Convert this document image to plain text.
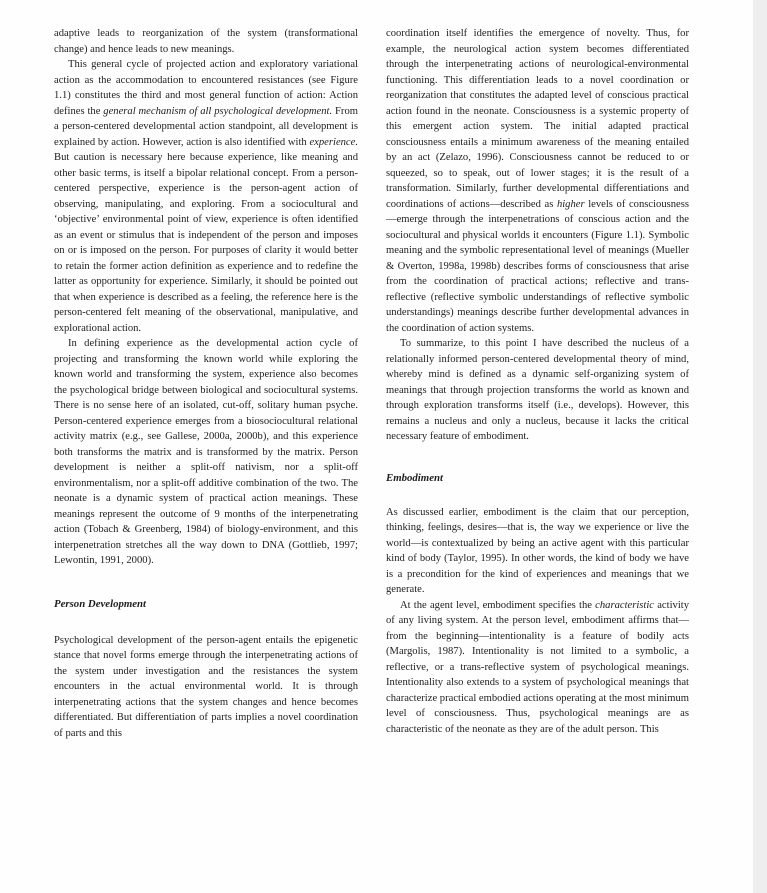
adaptive leads to reorganization of the system (transformational change) and hence leads to new meanings.

This general cycle of projected action and exploratory variational action as the accommodation to encountered resistances (see Figure 1.1) constitutes the third and most general function of action: Action defines the general mechanism of all psychological development. From a person-centered developmental action standpoint, all development is explained by action. However, action is also identified with experience. But caution is necessary here because experience, like meaning and other basic terms, is itself a bipolar relational concept. From a person-centered perspective, experience is the person-agent action of observing, manipulating, and exploring. From a sociocultural and ‘objective’ environmental point of view, experience is often identified as an event or stimulus that is independent of the person and imposes on or is imposed on the person. For purposes of clarity it would better to retain the former action definition as experience and to redefine the latter as opportunity for experience. Similarly, it should be pointed out that when experience is described as a feeling, the reference here is the person-centered felt meaning of the observational, manipulative, and explorational action.

In defining experience as the developmental action cycle of projecting and transforming the known world while exploring the known world and transforming the system, experience also becomes the psychological bridge between biological and sociocultural systems. There is no sense here of an isolated, cut-off, solitary human psyche. Person-centered experience emerges from a biosociocultural relational activity matrix (e.g., see Gallese, 2000a, 2000b), and this experience both transforms the matrix and is transformed by the matrix. Person development is neither a split-off nativism, nor a split-off environmentalism, nor a split-off additive combination of the two. The neonate is a dynamic system of practical action meanings. These meanings represent the outcome of 9 months of the interpenetrating action (Tobach & Greenberg, 1984) of biology-environment, and this interpenetration stretches all the way down to DNA (Gottlieb, 1997; Lewontin, 1991, 2000).

Person Development

Psychological development of the person-agent entails the epigenetic stance that novel forms emerge through the interpenetrating actions of the system under investigation and the resistances the system encounters in the actual environmental world. It is through interpenetrating actions that the system changes and hence becomes differentiated. But differentiation of parts implies a novel coordination of parts and this

coordination itself identifies the emergence of novelty. Thus, for example, the neurological action system becomes differentiated through the interpenetrating actions of neurological-environmental functioning. This differentiation leads to a novel coordination or reorganization that constitutes the adapted level of conscious practical action found in the neonate. Consciousness is a systemic property of this emergent action system. The initial adapted practical consciousness entails a minimum awareness of the meaning entailed by an act (Zelazo, 1996). Consciousness cannot be reduced to or squeezed, so to speak, out of lower stages; it is the result of a transformation. Similarly, further developmental differentiations and coordinations of actions—described as higher levels of consciousness—emerge through the interpenetrations of conscious action and the sociocultural and physical worlds it encounters (Figure 1.1). Symbolic meaning and the symbolic representational level of meanings (Mueller & Overton, 1998a, 1998b) describes forms of consciousness that arise from the coordination of practical actions; reflective and trans-reflective (reflective symbolic understandings of reflective symbolic understandings) meanings describe further developmental advances in the coordination of action systems.

To summarize, to this point I have described the nucleus of a relationally informed person-centered developmental theory of mind, whereby mind is defined as a dynamic self-organizing system of meanings that through projection transforms the world as known and through exploration transforms itself (i.e., develops). However, this remains a nucleus and only a nucleus, because it lacks the critical necessary feature of embodiment.

Embodiment

As discussed earlier, embodiment is the claim that our perception, thinking, feelings, desires—that is, the way we experience or live the world—is contextualized by being an active agent with this particular kind of body (Taylor, 1995). In other words, the kind of body we have is a precondition for the kind of experiences and meanings that we generate.

At the agent level, embodiment specifies the characteristic activity of any living system. At the person level, embodiment affirms that—from the beginning—intentionality is a feature of bodily acts (Margolis, 1987). Intentionality is not limited to a symbolic, a reflective, or a trans-reflective system of psychological meanings. Intentionality also extends to a system of psychological meanings that characterize practical embodied actions operating at the most minimum level of consciousness. Thus, psychological meanings are as characteristic of the neonate as they are of the adult person. This
